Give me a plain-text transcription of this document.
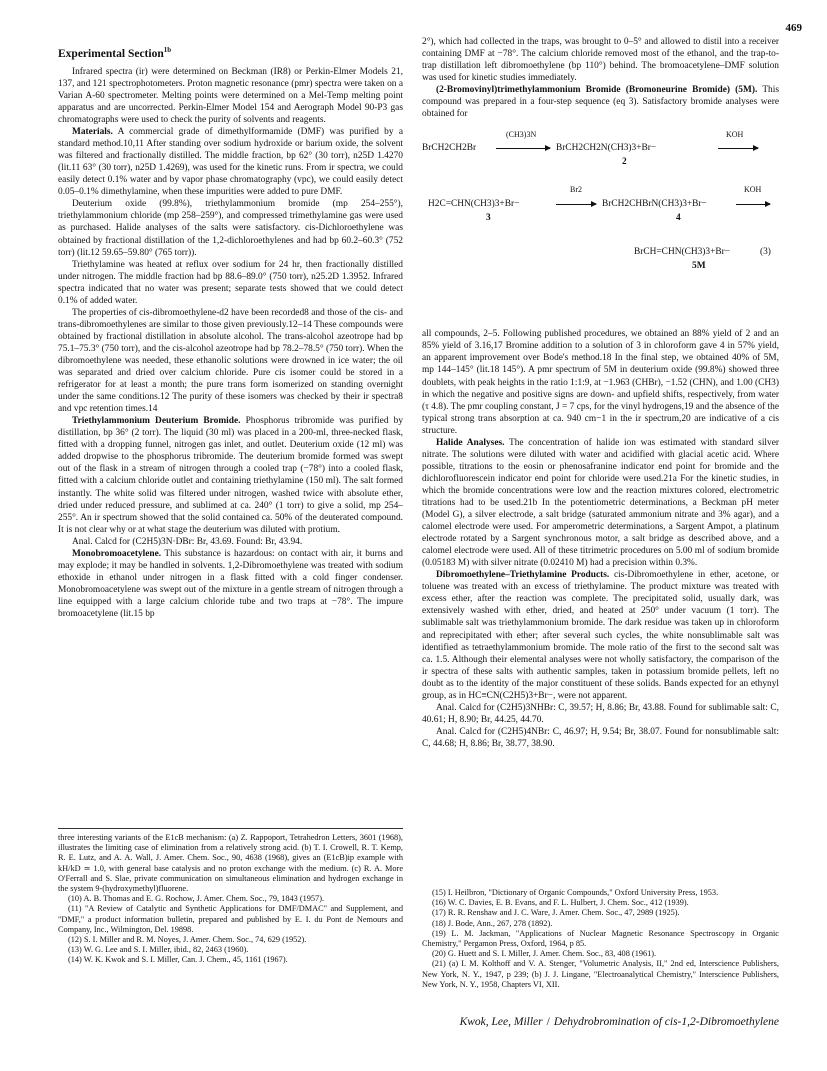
469
Experimental Section$^{1b}$

Infrared spectra (ir) were determined on Beckman (IR8) or Perkin-Elmer Models 21, 137, and 121 spectrophotometers. Proton magnetic resonance (pmr) spectra were taken on a Varian A-60 spectrometer. Melting points were determined on a Mel-Temp melting point apparatus and are uncorrected. Perkin-Elmer Model 154 and Aerograph Model 90-P3 gas chromatographs were used to check the purity of solvents and reagents.

Materials. A commercial grade of dimethylformamide (DMF) was purified by a standard method.10,11 After standing over sodium hydroxide or barium oxide, the solvent was filtered and fractionally distilled. The middle fraction, bp 62° (30 torr), n25D 1.4270 (lit.11 63° (30 torr), n25D 1.4269), was used for the kinetic runs. From ir spectra, we could easily detect 0.1% water and by vapor phase chromatography (vpc), we could easily detect 0.05–0.1% dimethylamine, when these impurities were added to pure DMF.

Deuterium oxide (99.8%), triethylammonium bromide (mp 254–255°), triethylammonium chloride (mp 258–259°), and compressed trimethylamine gas were used as purchased. Halide analyses of the salts were satisfactory. cis-Dichloroethylene was obtained by fractional distillation of the 1,2-dichloroethylenes and had bp 60.2–60.3° (752 torr) (lit.12 59.65–59.80° (765 torr)).

Triethylamine was heated at reflux over sodium for 24 hr, then fractionally distilled under nitrogen. The middle fraction had bp 88.6–89.0° (750 torr), n25.2D 1.3952. Infrared spectra indicated that no water was present; separate tests showed that we could detect 0.1% of added water.

The properties of cis-dibromoethylene-d2 have been recorded8 and those of the cis- and trans-dibromoethylenes are similar to those given previously.12–14 These compounds were obtained by fractional distillation in absolute alcohol. The trans-alcohol azeotrope had bp 75.1–75.3° (750 torr), and the cis-alcohol azeotrope had bp 78.2–78.5° (750 torr). When the dibromoethylene was needed, these ethanolic solutions were drowned in ice water; the oil was separated and dried over calcium chloride. Pure cis isomer could be stored in a refrigerator for at least a month; the pure trans form isomerized on standing overnight under the same conditions.12 The purity of these isomers was checked by their ir spectra8 and vpc retention times.14

Triethylammonium Deuterium Bromide. Phosphorus tribromide was purified by distillation, bp 36° (2 torr). The liquid (30 ml) was placed in a 200-ml, three-necked flask, fitted with a dropping funnel, nitrogen gas inlet, and outlet. Deuterium oxide (12 ml) was added dropwise to the phosphorus tribromide. The deuterium bromide formed was swept out of the flask in a stream of nitrogen through a cooled trap (−78°) into a cooled flask, fitted with a calcium chloride outlet and containing triethylamine (150 ml). The salt formed instantly. The white solid was filtered under nitrogen, washed twice with absolute ether, dried under reduced pressure, and sublimed at ca. 240° (1 torr) to give a solid, mp 254–255°. An ir spectrum showed that the solid contained ca. 50% of the deuterated compound. It is not clear why or at what stage the deuterium was diluted with protium.

Anal. Calcd for (C2H5)3N·DBr: Br, 43.69. Found: Br, 43.94.

Monobromoacetylene. This substance is hazardous: on contact with air, it burns and may explode; it may be handled in solvents. 1,2-Dibromoethylene was treated with sodium ethoxide in ethanol under nitrogen in a flask fitted with a cold finger condenser. Monobromoacetylene was swept out of the mixture in a gentle stream of nitrogen through a line equipped with a large calcium chloride tube and two traps at −78°. The impure bromoacetylene (lit.15 bp

2°), which had collected in the traps, was brought to 0–5° and allowed to distil into a receiver containing DMF at −78°. The calcium chloride removed most of the ethanol, and the trap-to-trap distillation left dibromoethylene (bp 110°) behind. The bromoacetylene–DMF solution was used for kinetic studies immediately.

(2-Bromovinyl)trimethylammonium Bromide (Bromoneurine Bromide) (5M). This compound was prepared in a four-step sequence (eq 3). Satisfactory bromide analyses were obtained for

BrCH2CH2Br
(CH3)3N
BrCH2CH2N(CH3)3+Br−
KOH
2
H2C=CHN(CH3)3+Br−
Br2
BrCH2CHBrN(CH3)3+Br−
KOH
3	4
BrCH=CHN(CH3)3+Br−	(3)
5M

all compounds, 2–5. Following published procedures, we obtained an 88% yield of 2 and an 85% yield of 3.16,17 Bromine addition to a solution of 3 in chloroform gave 4 in 57% yield, an apparent improvement over Bode's method.18 In the final step, we obtained 40% of 5M, mp 144–145° (lit.18 145°). A pmr spectrum of 5M in deuterium oxide (99.8%) showed three doublets, with peak heights in the ratio 1:1:9, at −1.963 (CHBr), −1.52 (CHN), and 1.00 (CH3) in which the negative and positive signs are down- and upfield shifts, respectively, from water (τ 4.8). The pmr coupling constant, J = 7 cps, for the vinyl hydrogens,19 and the absence of the typical strong trans absorption at ca. 940 cm−1 in the ir spectrum,20 are indicative of a cis structure.

Halide Analyses. The concentration of halide ion was estimated with standard silver nitrate. The solutions were diluted with water and acidified with glacial acetic acid. Where possible, titrations to the eosin or phenosafranine indicator end point for bromide and the dichlorofluorescein indicator end point for chloride were used.21a For the kinetic studies, in which the bromide concentrations were low and the reaction mixtures colored, electrometric titrations had to be used.21b In the potentiometric determinations, a Beckman pH meter (Model G), a silver electrode, a salt bridge (saturated ammonium nitrate and 3% agar), and a calomel electrode were used. For amperometric determinations, a Sargent Ampot, a platinum electrode rotated by a Sargent synchronous motor, a salt bridge as described above, and a calomel electrode were used. All of these titrimetric procedures on 5.00 ml of sodium bromide (0.05183 M) with silver nitrate (0.02410 M) had a precision within 0.3%.

Dibromoethylene–Triethylamine Products. cis-Dibromoethylene in ether, acetone, or toluene was treated with an excess of triethylamine. The product mixture was treated with excess ether, after the reaction was complete. The precipitated solid, usually dark, was extensively washed with ether, dried, and heated at 250° under vacuum (1 torr). The sublimable salt was triethylammonium bromide. The dark residue was taken up in chloroform and reprecipitated with ether; after several such cycles, the white nonsublimable salt was identified as tetraethylammonium bromide. The mole ratio of the first to the second salt was ca. 1.5. Although their elemental analyses were not wholly satisfactory, the comparison of the ir spectra of these salts with authentic samples, taken in potassium bromide pellets, left no doubt as to the identity of the major constituent of these solids. Bands expected for an ethynyl group, as in HC≡CN(C2H5)3+Br−, were not apparent.

Anal. Calcd for (C2H5)3NHBr: C, 39.57; H, 8.86; Br, 43.88. Found for sublimable salt: C, 40.61; H, 8.90; Br, 44.25, 44.70.

Anal. Calcd for (C2H5)4NBr: C, 46.97; H, 9.54; Br, 38.07. Found for nonsublimable salt: C, 44.68; H, 8.86; Br, 38.77, 38.90.

three interesting variants of the E1cB mechanism: (a) Z. Rappoport, Tetrahedron Letters, 3601 (1968), illustrates the limiting case of elimination from a relatively strong acid. (b) T. I. Crowell, R. T. Kemp, R. E. Lutz, and A. A. Wall, J. Amer. Chem. Soc., 90, 4638 (1968), gives an (E1cB)ip example with kH/kD ≃ 1.0, with general base catalysis and no proton exchange with the medium. (c) R. A. More O'Ferrall and S. Slae, private communication on simultaneous elimination and hydrogen exchange in the system 9-(hydroxymethyl)fluorene.

(10) A. B. Thomas and E. G. Rochow, J. Amer. Chem. Soc., 79, 1843 (1957).

(11) "A Review of Catalytic and Synthetic Applications for DMF/DMAC" and Supplement, and "DMF," a product information bulletin, prepared and published by E. I. du Pont de Nemours and Company, Inc., Wilmington, Del. 19898.

(12) S. I. Miller and R. M. Noyes, J. Amer. Chem. Soc., 74, 629 (1952).

(13) W. G. Lee and S. I. Miller, ibid., 82, 2463 (1960).

(14) W. K. Kwok and S. I. Miller, Can. J. Chem., 45, 1161 (1967).

(15) I. Heilbron, "Dictionary of Organic Compounds," Oxford University Press, 1953.

(16) W. C. Davies, E. B. Evans, and F. L. Hulbert, J. Chem. Soc., 412 (1939).

(17) R. R. Renshaw and J. C. Ware, J. Amer. Chem. Soc., 47, 2989 (1925).

(18) J. Bode, Ann., 267, 278 (1892).

(19) L. M. Jackman, "Applications of Nuclear Magnetic Resonance Spectroscopy in Organic Chemistry," Pergamon Press, Oxford, 1964, p 85.

(20) G. Huett and S. I. Miller, J. Amer. Chem. Soc., 83, 408 (1961).

(21) (a) I. M. Kolthoff and V. A. Stenger, "Volumetric Analysis, II," 2nd ed, Interscience Publishers, New York, N. Y., 1947, p 239; (b) J. J. Lingane, "Electroanalytical Chemistry," Interscience Publishers, New York, N. Y., 1958, Chapters VI, XII.

Kwok, Lee, Miller / Dehydrobromination of cis-1,2-Dibromoethylene
